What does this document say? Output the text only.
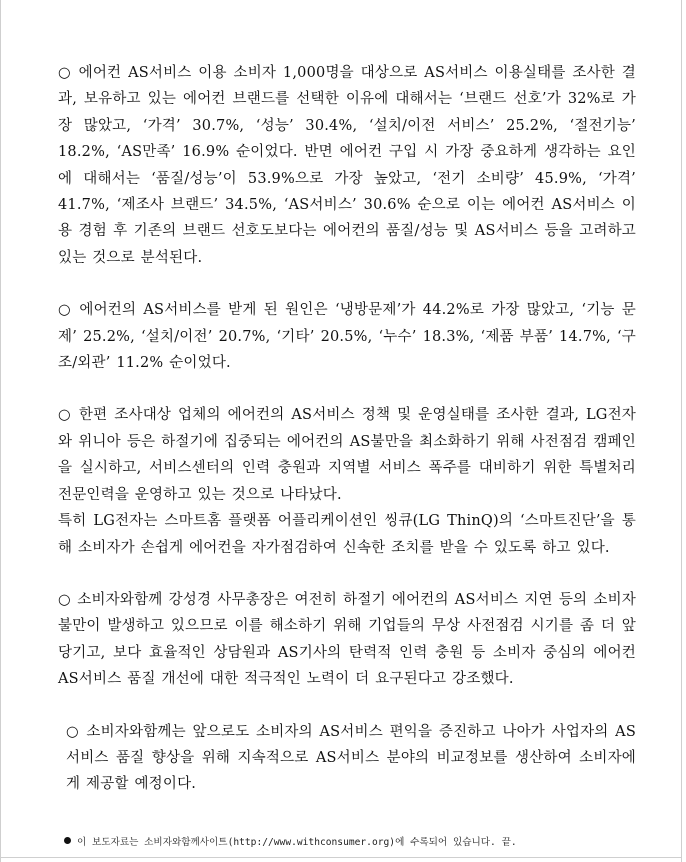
○ 에어컨 AS서비스 이용 소비자 1,000명을 대상으로 AS서비스 이용실태를 조사한 결과, 보유하고 있는 에어컨 브랜드를 선택한 이유에 대해서는 ‘브랜드 선호’가 32%로 가장 많았고, ‘가격’ 30.7%, ‘성능’ 30.4%, ‘설치/이전 서비스’ 25.2%, ‘절전기능’ 18.2%, ‘AS만족’ 16.9% 순이었다. 반면 에어컨 구입 시 가장 중요하게 생각하는 요인에 대해서는 ‘품질/성능’이 53.9%으로 가장 높았고, ‘전기 소비량’ 45.9%, ‘가격’ 41.7%, ‘제조사 브랜드’ 34.5%, ‘AS서비스’ 30.6% 순으로 이는 에어컨 AS서비스 이용 경험 후 기존의 브랜드 선호도보다는 에어컨의 품질/성능 및 AS서비스 등을 고려하고 있는 것으로 분석된다.

○ 에어컨의 AS서비스를 받게 된 원인은 ‘냉방문제’가 44.2%로 가장 많았고, ‘기능 문제’ 25.2%, ‘설치/이전’ 20.7%, ‘기타’ 20.5%, ‘누수’ 18.3%, ‘제품 부품’ 14.7%, ‘구조/외관’ 11.2% 순이었다.

○ 한편 조사대상 업체의 에어컨의 AS서비스 정책 및 운영실태를 조사한 결과, LG전자와 위니아 등은 하절기에 집중되는 에어컨의 AS불만을 최소화하기 위해 사전점검 캠페인을 실시하고, 서비스센터의 인력 충원과 지역별 서비스 폭주를 대비하기 위한 특별처리 전문인력을 운영하고 있는 것으로 나타났다.

특히 LG전자는 스마트홈 플랫폼 어플리케이션인 씽큐(LG ThinQ)의 ‘스마트진단’을 통해 소비자가 손쉽게 에어컨을 자가점검하여 신속한 조치를 받을 수 있도록 하고 있다.

○ 소비자와함께 강성경 사무총장은 여전히 하절기 에어컨의 AS서비스 지연 등의 소비자 불만이 발생하고 있으므로 이를 해소하기 위해 기업들의 무상 사전점검 시기를 좀 더 앞당기고, 보다 효율적인 상담원과 AS기사의 탄력적 인력 충원 등 소비자 중심의 에어컨 AS서비스 품질 개선에 대한 적극적인 노력이 더 요구된다고 강조했다.

○ 소비자와함께는 앞으로도 소비자의 AS서비스 편익을 증진하고 나아가 사업자의 AS서비스 품질 향상을 위해 지속적으로 AS서비스 분야의 비교정보를 생산하여 소비자에게 제공할 예정이다.

이 보도자료는 소비자와함께사이트(http://www.withconsumer.org)에 수록되어 있습니다. 끝.
